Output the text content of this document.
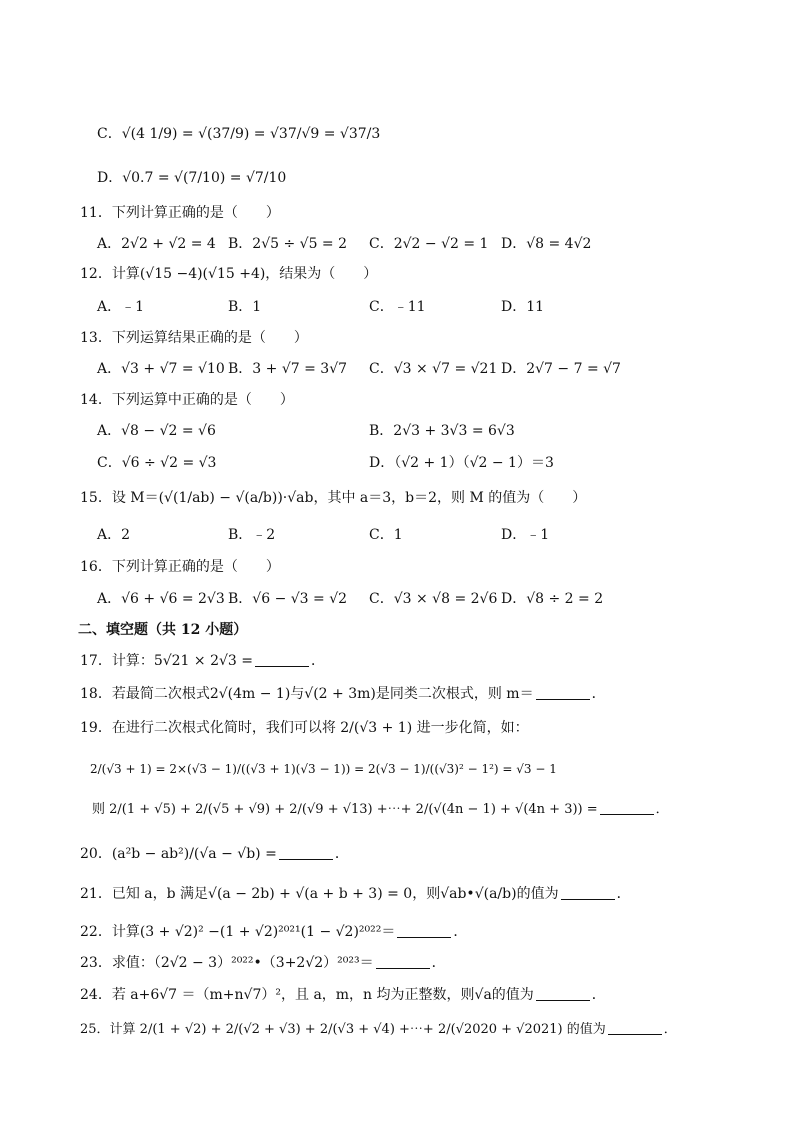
C．√(4 1/9) = √(37/9) = √37/√9 = √37/3
D．√0.7 = √(7/10) = √7/10
11．下列计算正确的是（　　）
A．2√2 + √2 = 4 B．2√5 ÷ √5 = 2 C．2√2 − √2 = 1 D．√8 = 4√2
12．计算(√15 −4)(√15 +4)，结果为（　　）
A．﹣1	B．1	C．﹣11	D．11
13．下列运算结果正确的是（　　）
A．√3 + √7 = √10 B．3 + √7 = 3√7 C．√3 × √7 = √21 D．2√7 − 7 = √7
14．下列运算中正确的是（　　）
A．√8 − √2 = √6	B．2√3 + 3√3 = 6√3
C．√6 ÷ √2 = √3	D．（√2 + 1）（√2 − 1）＝3
15．设 M＝(√(1/ab) − √(a/b))·√ab，其中 a＝3，b＝2，则 M 的值为（　　）
A．2	B．﹣2	C．1	D．﹣1
16．下列计算正确的是（　　）
A．√6 + √6 = 2√3 B．√6 − √3 = √2 C．√3 × √8 = 2√6 D．√8 ÷ 2 = 2
二、填空题（共 12 小题）
17．计算：5√21 × 2√3 =	．
18．若最简二次根式2√(4m − 1)与√(2 + 3m)是同类二次根式，则 m＝	．
19．在进行二次根式化简时，我们可以将 2/(√3 + 1) 进一步化简，如：
2/(√3 + 1) = 2×(√3 − 1)/((√3 + 1)(√3 − 1)) = 2(√3 − 1)/((√3)² − 1²) = √3 − 1
则 2/(1 + √5) + 2/(√5 + √9) + 2/(√9 + √13) +⋯+ 2/(√(4n − 1) + √(4n + 3)) =	．
20．(a²b − ab²)/(√a − √b) =	．
21．已知 a，b 满足√(a − 2b) + √(a + b + 3) = 0，则√ab•√(a/b)的值为	．
22．计算(3 + √2)² −(1 + √2)²⁰²¹(1 − √2)²⁰²²＝	．
23．求值：（2√2 − 3）²⁰²²•（3+2√2）²⁰²³＝	．
24．若 a+6√7 ＝（m+n√7）²，且 a，m，n 均为正整数，则√a的值为	．
25．计算 2/(1 + √2) + 2/(√2 + √3) + 2/(√3 + √4) +⋯+ 2/(√2020 + √2021) 的值为	．
